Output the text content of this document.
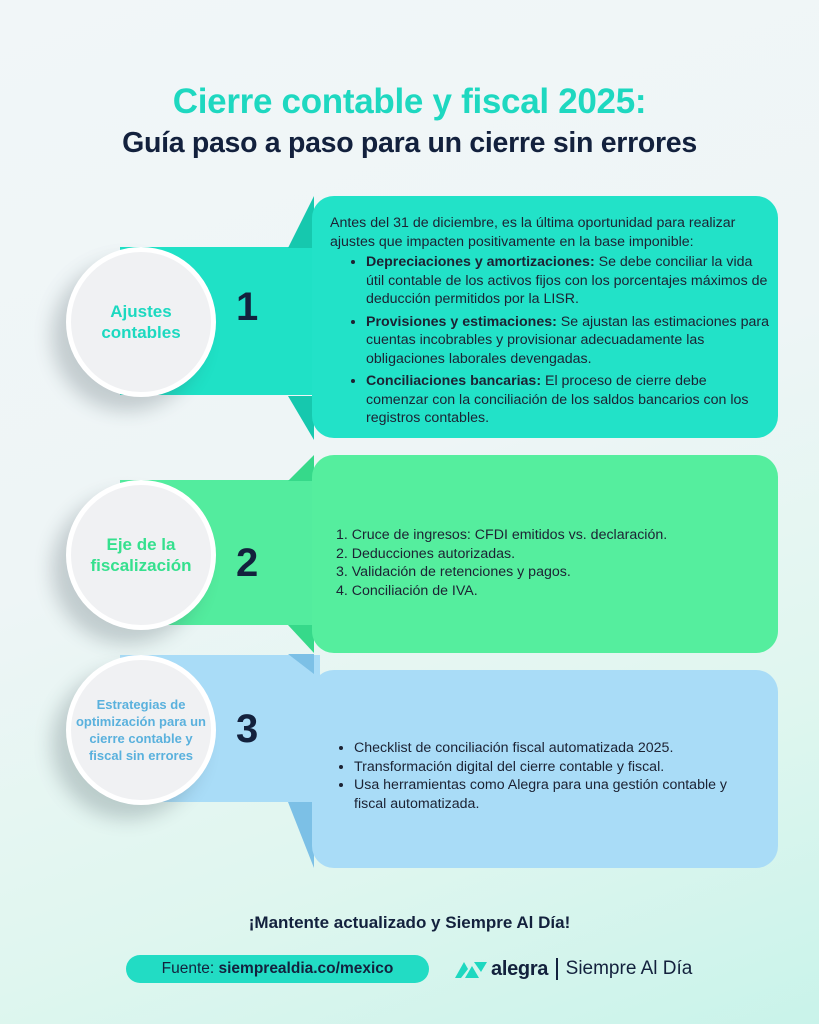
Cierre contable y fiscal 2025:
Guía paso a paso para un cierre sin errores
Ajustes contables
1

Antes del 31 de diciembre, es la última oportunidad para realizar ajustes que impacten positivamente en la base imponible:

• Depreciaciones y amortizaciones: Se debe conciliar la vida útil contable de los activos fijos con los porcentajes máximos de deducción permitidos por la LISR.
• Provisiones y estimaciones: Se ajustan las estimaciones para cuentas incobrables y provisionar adecuadamente las obligaciones laborales devengadas.
• Conciliaciones bancarias: El proceso de cierre debe comenzar con la conciliación de los saldos bancarios con los registros contables.
Eje de la fiscalización	2
1. Cruce de ingresos: CFDI emitidos vs. declaración.
2. Deducciones autorizadas.
3. Validación de retenciones y pagos.
4. Conciliación de IVA.
Estrategias de optimización para un cierre contable y fiscal sin errores
3
•	Checklist de conciliación fiscal automatizada 2025.
• Transformación digital del cierre contable y fiscal.
• Usa herramientas como Alegra para una gestión contable y fiscal automatizada.
¡Mantente actualizado y Siempre Al Día!
Fuente: siemprealdia.co/mexico	alegra Siempre Al Día
